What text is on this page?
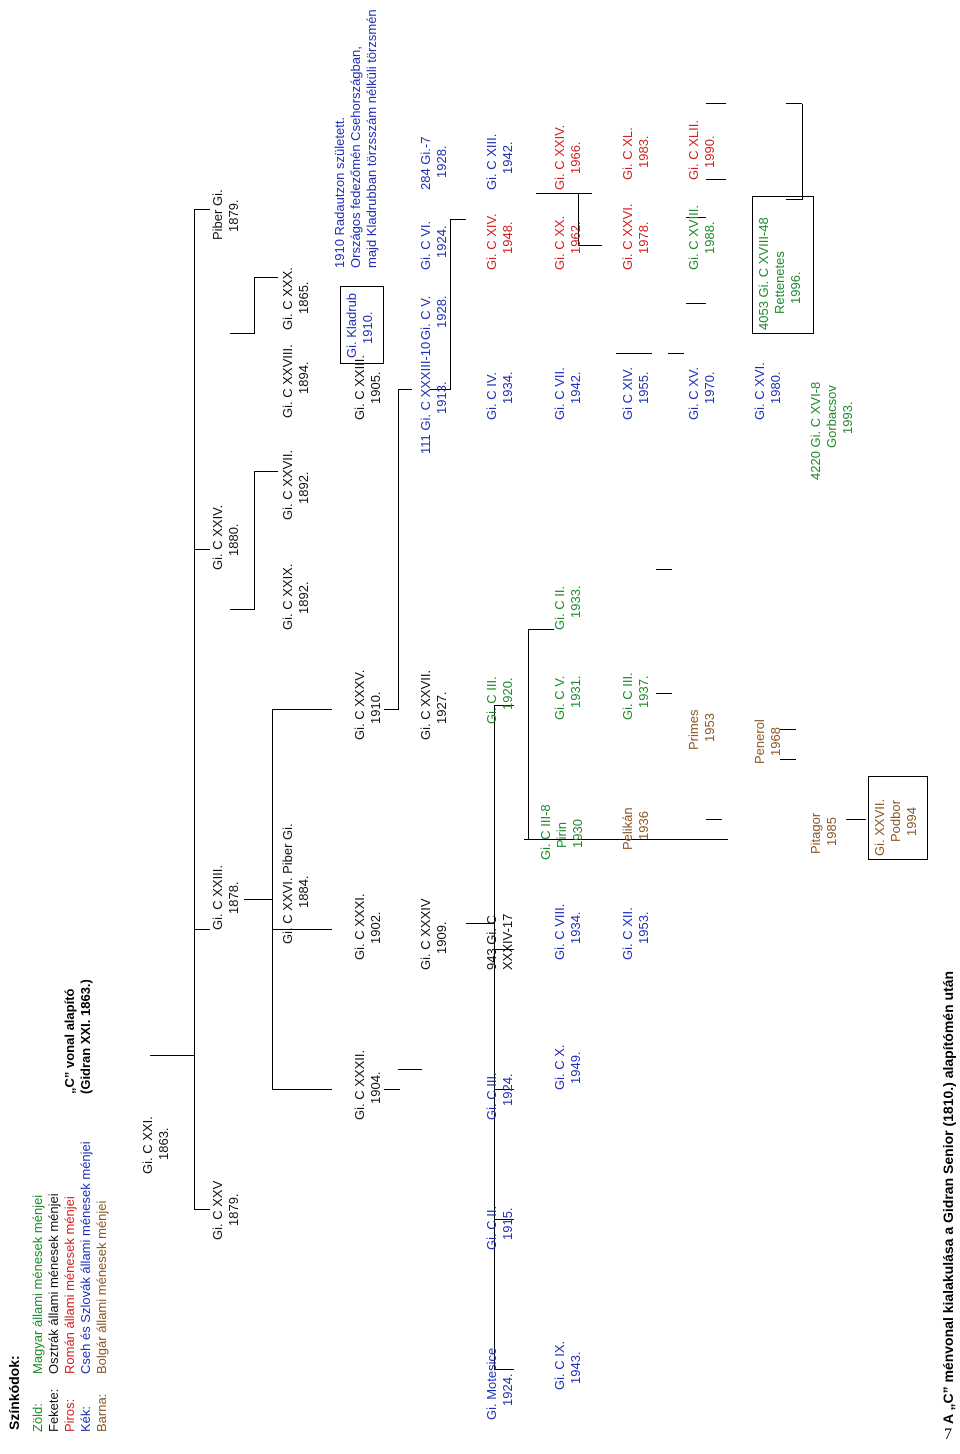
Színkódok: Zöld:
Magyar állami ménesek ménjei
Fekete:
Osztrák állami ménesek ménjei
Piros:
Román állami ménesek ménjei
Kék:
Cseh és Szlovák állami ménesek ménjei
Barna:
Bolgár állami ménesek ménjei
„C” vonal alapító (Gidran XXI. 1863.)
Gi. C XXI. 1863.
Gi. C XXV 1879.
Gi. C XXIII. 1878.
Gi. C XXIV. 1880.
Piber Gi. 1879.
Gi. C XXVI. Piber Gi. 1884.
Gi. C XXIX. 1892.
Gi. C XXVII. 1892.
Gi. C XXVIII. 1894.
Gi. C XXX. 1865.
Gi. C XXXII. 1904.
Gi. C XXXI. 1902.
Gi. C XXXV. 1910.
Gi. C XXIII. 1905.
Gi. Kladrub 1910.
1910 Radautzon született. Országos fedezőmén Csehországban, majd Kladrubban törzsszám nélküli törzsmén
Gi. C XXXIV 1909.
Gi. C XXVII. 1927.
111 Gi. C XXXIII-10 1913.
Gi. C V. 1928.
Gi. C VI. 1924.
284 Gi.-7 1928.
Gi. Motesice 1924.
Gi. C II. 1915.
Gi. C III. 1924.
943 Gi. C XXXIV-17
Gi. C III. 1920.
Gi. C IV. 1934.
Gi. C XIV. 1948.
Gi. C XIII. 1942.
Gi. C IX. 1943.
Gi. C X. 1949.
Gi. C VIII. 1934.
Gi. C III-8 Pirin 1930
Gi. C V. 1931.
Gi. C II. 1933.
Gi. C VII. 1942.
Gi. C XX. 1962.
Gi. C XXIV. 1966.
Gi. C XII. 1953.
Pelikán 1936
Gi. C III. 1937.
Gi C XIV. 1955.
Gi. C XXVI. 1978.
Gi. C XL. 1983.
Primes 1953
Gi. C XV. 1970.
Gi. C XVIII. 1988.
Gi. C XLII. 1990.
Penerol 1968
Gi. C XVI. 1980.
4053 Gi. C XVIII-48 Rettenetes 1996.
Pitagor 1985
4220 Gi. C XVI-8 Gorbacsov 1993.
Gi. XXVII. Podbor 1994
A „C” ménvonal kialakulása a Gidran Senior (1810.) alapítómén után
7
